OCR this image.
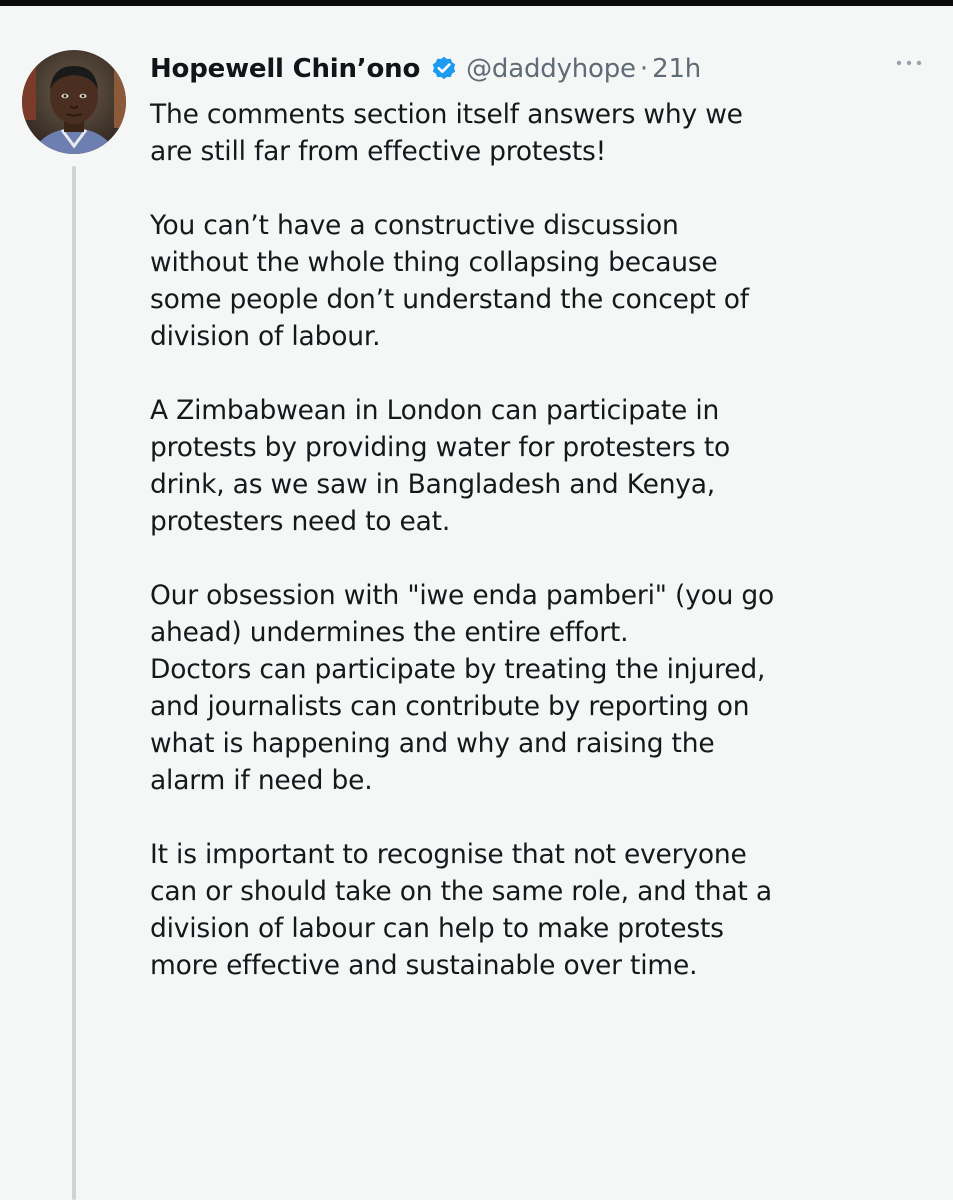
Hopewell Chin’ono @daddyhope · 21h
The comments section itself answers why we
are still far from effective protests!
You can’t have a constructive discussion
without the whole thing collapsing because
some people don’t understand the concept of
division of labour.
A Zimbabwean in London can participate in
protests by providing water for protesters to
drink, as we saw in Bangladesh and Kenya,
protesters need to eat.
Our obsession with "iwe enda pamberi" (you go
ahead) undermines the entire effort.
Doctors can participate by treating the injured,
and journalists can contribute by reporting on
what is happening and why and raising the
alarm if need be.
It is important to recognise that not everyone
can or should take on the same role, and that a
division of labour can help to make protests
more effective and sustainable over time.
